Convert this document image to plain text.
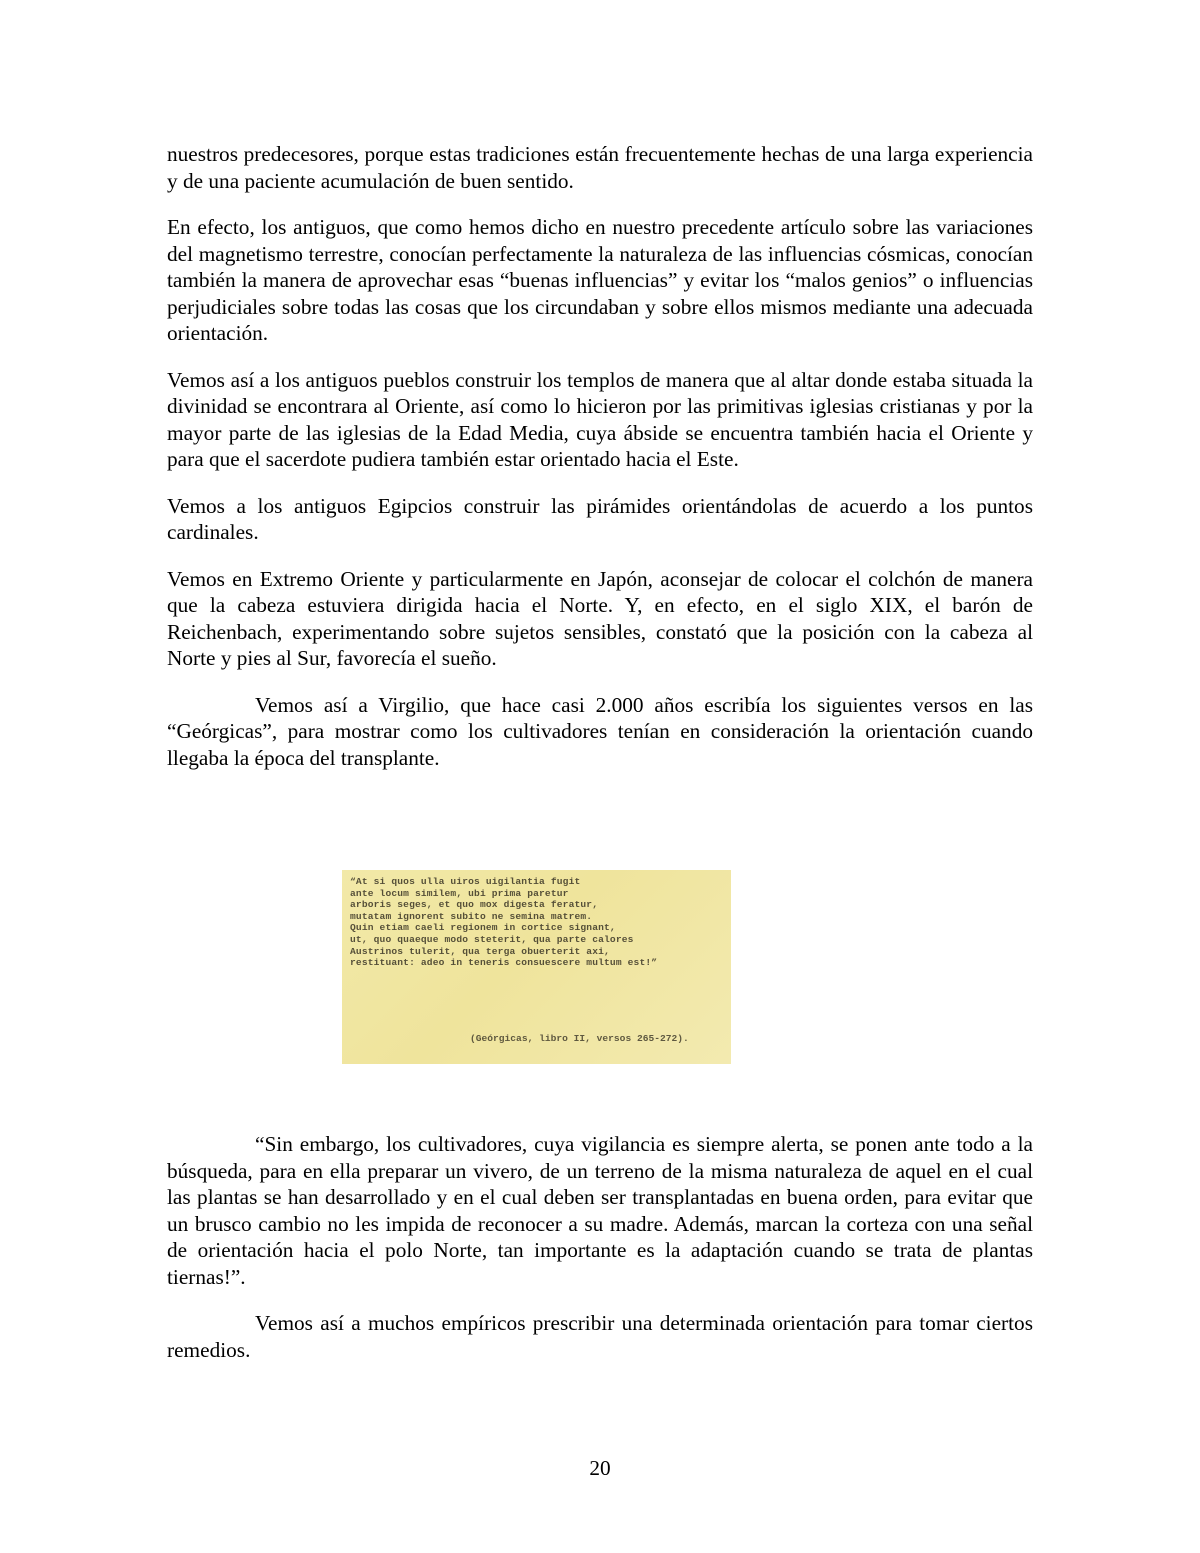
nuestros predecesores, porque estas tradiciones están frecuentemente hechas de una larga experiencia y de una paciente acumulación de buen sentido.

En efecto, los antiguos, que como hemos dicho en nuestro precedente artículo sobre las variaciones del magnetismo terrestre, conocían perfectamente la naturaleza de las influencias cósmicas, conocían también la manera de aprovechar esas “buenas influencias” y evitar los “malos genios” o influencias perjudiciales sobre todas las cosas que los circundaban y sobre ellos mismos mediante una adecuada orientación.

Vemos así a los antiguos pueblos construir los templos de manera que al altar donde estaba situada la divinidad se encontrara al Oriente, así como lo hicieron por las primitivas iglesias cristianas y por la mayor parte de las iglesias de la Edad Media, cuya ábside se encuentra también hacia el Oriente y para que el sacerdote pudiera también estar orientado hacia el Este.

Vemos a los antiguos Egipcios construir las pirámides orientándolas de acuerdo a los puntos cardinales.

Vemos en Extremo Oriente y particularmente en Japón, aconsejar de colocar el colchón de manera que la cabeza estuviera dirigida hacia el Norte. Y, en efecto, en el siglo XIX, el barón de Reichenbach, experimentando sobre sujetos sensibles, constató que la posición con la cabeza al Norte y pies al Sur, favorecía el sueño.

Vemos así a Virgilio, que hace casi 2.000 años escribía los siguientes versos en las “Geórgicas”, para mostrar como los cultivadores tenían en consideración la orientación cuando llegaba la época del transplante.

“At si quos ulla uiros uigilantia fugit
ante locum similem, ubi prima paretur
arboris seges, et quo mox digesta feratur,
mutatam ignorent subito ne semina matrem.
Quin etiam caeli regionem in cortice signant,
ut, quo quaeque modo steterit, qua parte calores
Austrinos tulerit, qua terga obuerterit axi,
restituant: adeo in teneris consuescere multum est!”
(Geórgicas, libro II, versos 265-272).

“Sin embargo, los cultivadores, cuya vigilancia es siempre alerta, se ponen ante todo a la búsqueda, para en ella preparar un vivero, de un terreno de la misma naturaleza de aquel en el cual las plantas se han desarrollado y en el cual deben ser transplantadas en buena orden, para evitar que un brusco cambio no les impida de reconocer a su madre. Además, marcan la corteza con una señal de orientación hacia el polo Norte, tan importante es la adaptación cuando se trata de plantas tiernas!”.

Vemos así a muchos empíricos prescribir una determinada orientación para tomar ciertos remedios.

20
